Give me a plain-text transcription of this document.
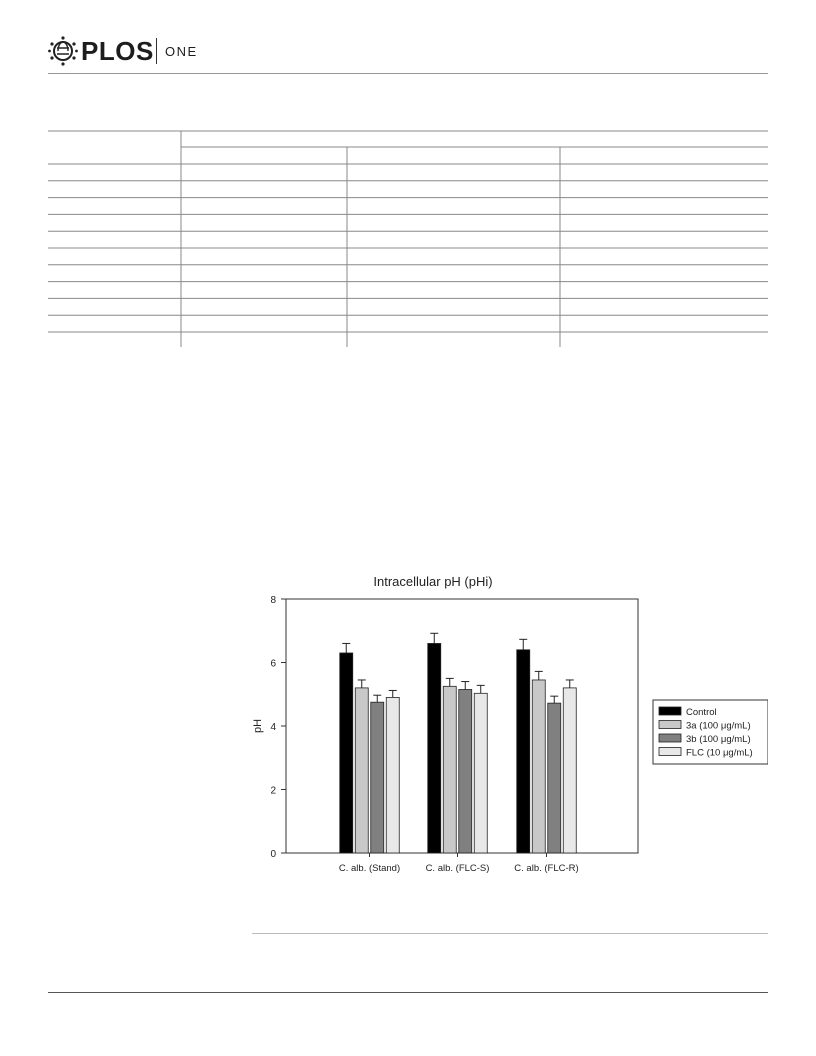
PLOS ONE
Intracellular pH (pHi)
pH
0
2
4
6
8
C. alb. (Stand)	C. alb. (FLC-S)	C. alb. (FLC-R)
Control
3a (100 μg/mL)
3b (100 μg/mL)
FLC (10 μg/mL)
